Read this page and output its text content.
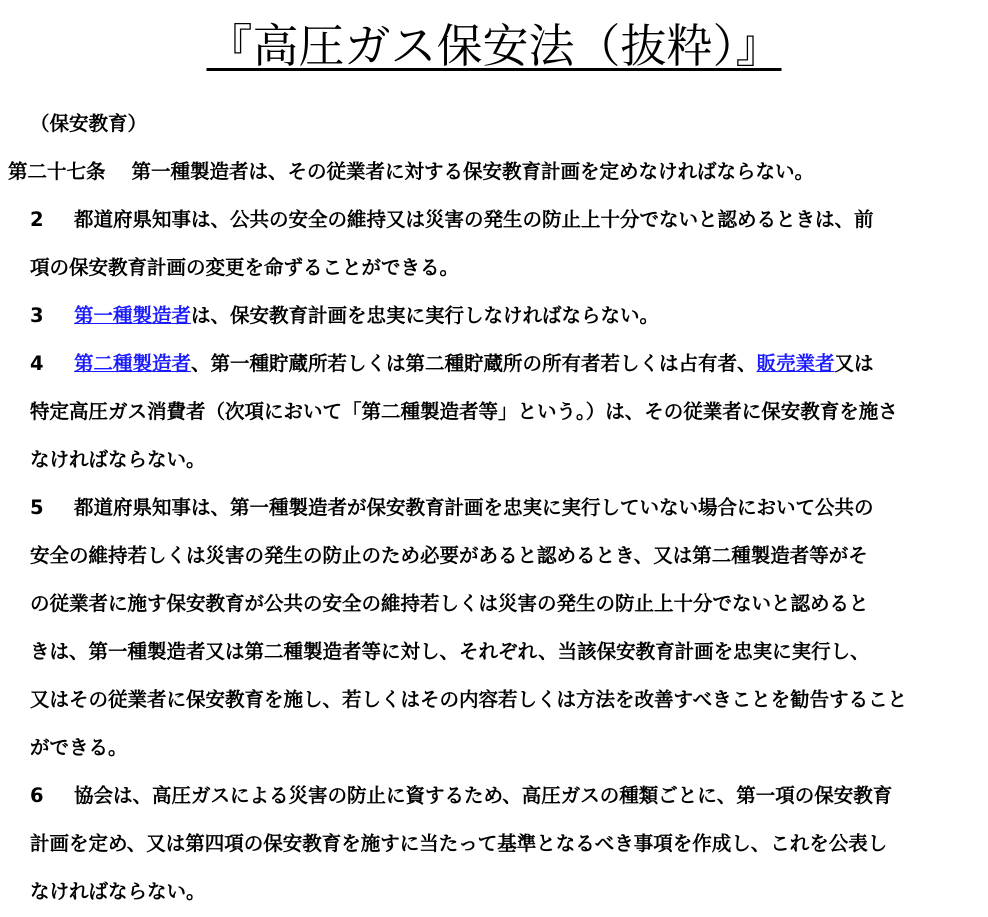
『高圧ガス保安法（抜粋）』
（保安教育）
第二十七条 第一種製造者は、その従業者に対する保安教育計画を定めなければならない。
2 都道府県知事は、公共の安全の維持又は災害の発生の防止上十分でないと認めるときは、前
項の保安教育計画の変更を命ずることができる。
3 第一種製造者は、保安教育計画を忠実に実行しなければならない。
4 第二種製造者、第一種貯蔵所若しくは第二種貯蔵所の所有者若しくは占有者、販売業者又は
特定高圧ガス消費者（次項において「第二種製造者等」という。）は、その従業者に保安教育を施さ
なければならない。
5 都道府県知事は、第一種製造者が保安教育計画を忠実に実行していない場合において公共の
安全の維持若しくは災害の発生の防止のため必要があると認めるとき、又は第二種製造者等がそ
の従業者に施す保安教育が公共の安全の維持若しくは災害の発生の防止上十分でないと認めると
きは、第一種製造者又は第二種製造者等に対し、それぞれ、当該保安教育計画を忠実に実行し、
又はその従業者に保安教育を施し、若しくはその内容若しくは方法を改善すべきことを勧告すること
ができる。
6 協会は、高圧ガスによる災害の防止に資するため、高圧ガスの種類ごとに、第一項の保安教育
計画を定め、又は第四項の保安教育を施すに当たって基準となるべき事項を作成し、これを公表し
なければならない。
